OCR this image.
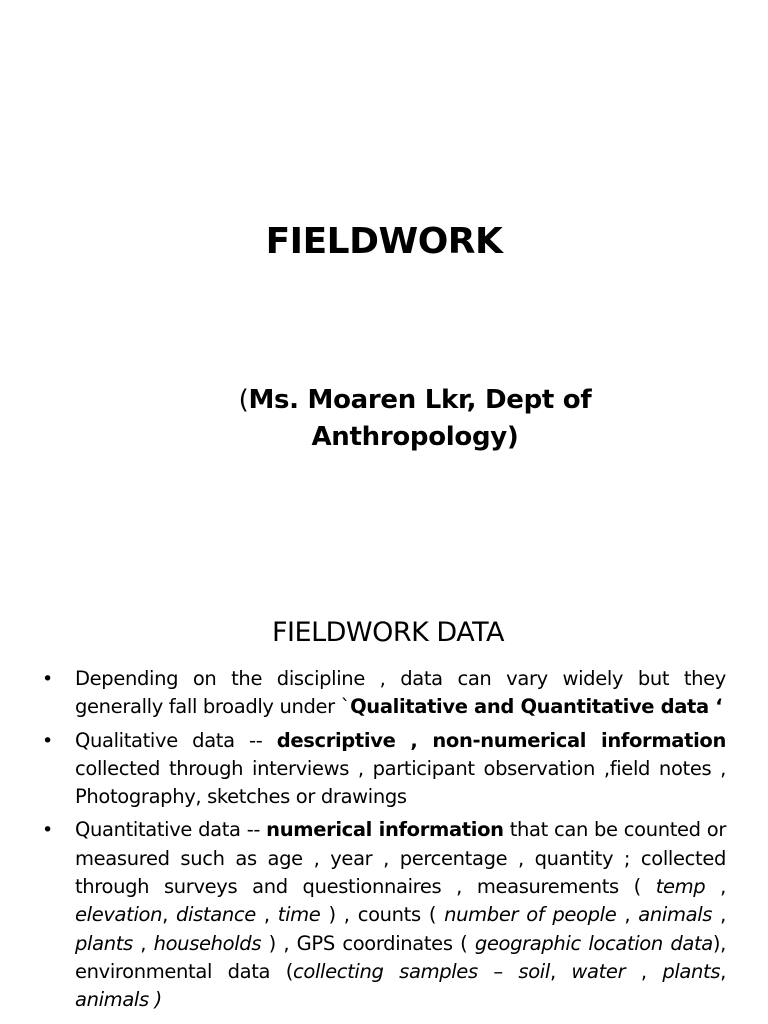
FIELDWORK

(Ms. Moaren Lkr, Dept of Anthropology)

FIELDWORK DATA
• Depending on the discipline , data can vary widely but they generally fall broadly under `Qualitative and Quantitative data ‘
• Qualitative data -- descriptive , non-numerical information collected through interviews , participant observation ,field notes , Photography, sketches or drawings
• Quantitative data -- numerical information that can be counted or measured such as age , year , percentage , quantity ; collected through surveys and questionnaires , measurements ( temp , elevation, distance , time ) , counts ( number of people , animals , plants , households ) , GPS coordinates ( geographic location data), environmental data (collecting samples – soil, water , plants, animals )
